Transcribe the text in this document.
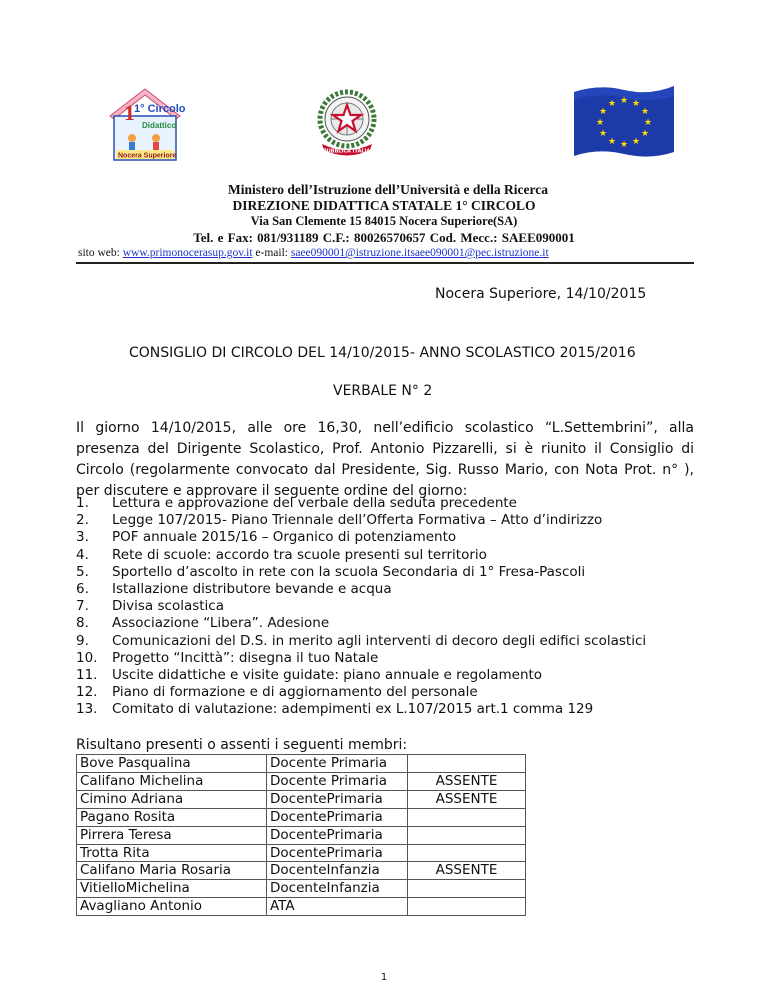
1 1° Circolo
Didattico
Nocera Superiore
REPUBBLICA ITALIANA
★ ★
★
★
★
★
★
★
★
★
★
★
Ministero dell’Istruzione dell’Università e della Ricerca
DIREZIONE DIDATTICA STATALE 1° CIRCOLO
Via San Clemente 15 84015 Nocera Superiore(SA)
Tel. e Fax: 081/931189 C.F.: 80026570657 Cod. Mecc.: SAEE090001
sito web: www.primonocerasup.gov.it e-mail: saee090001@istruzione.itsaee090001@pec.istruzione.it
Nocera Superiore, 14/10/2015
CONSIGLIO DI CIRCOLO DEL 14/10/2015- ANNO SCOLASTICO 2015/2016
VERBALE N° 2
Il giorno 14/10/2015, alle ore 16,30, nell’edificio scolastico “L.Settembrini”, alla presenza del Dirigente Scolastico, Prof. Antonio Pizzarelli, si è riunito il Consiglio di Circolo (regolarmente convocato dal Presidente, Sig. Russo Mario, con Nota Prot. n° ), per discutere e approvare il seguente ordine del giorno:
1.	Lettura e approvazione del verbale della seduta precedente
2.	Legge 107/2015- Piano Triennale dell’Offerta Formativa – Atto d’indirizzo
3.	POF annuale 2015/16 – Organico di potenziamento
4.	Rete di scuole: accordo tra scuole presenti sul territorio
5.	Sportello d’ascolto in rete con la scuola Secondaria di 1° Fresa-Pascoli
6.	Istallazione distributore bevande e acqua
7.	Divisa scolastica
8.	Associazione “Libera”. Adesione
9.	Comunicazioni del D.S. in merito agli interventi di decoro degli edifici scolastici
10.	Progetto “Incittà”: disegna il tuo Natale
11.	Uscite didattiche e visite guidate: piano annuale e regolamento
12.	Piano di formazione e di aggiornamento del personale
13.	Comitato di valutazione: adempimenti ex L.107/2015 art.1 comma 129
Risultano presenti o assenti i seguenti membri:
Bove Pasqualina	Docente Primaria	
Califano Michelina	Docente Primaria	ASSENTE
Cimino Adriana	DocentePrimaria	ASSENTE
Pagano Rosita	DocentePrimaria	
Pirrera Teresa	DocentePrimaria	
Trotta Rita	DocentePrimaria	
Califano Maria Rosaria	DocenteInfanzia	ASSENTE
VitielloMichelina	DocenteInfanzia	
Avagliano Antonio	ATA	
1
